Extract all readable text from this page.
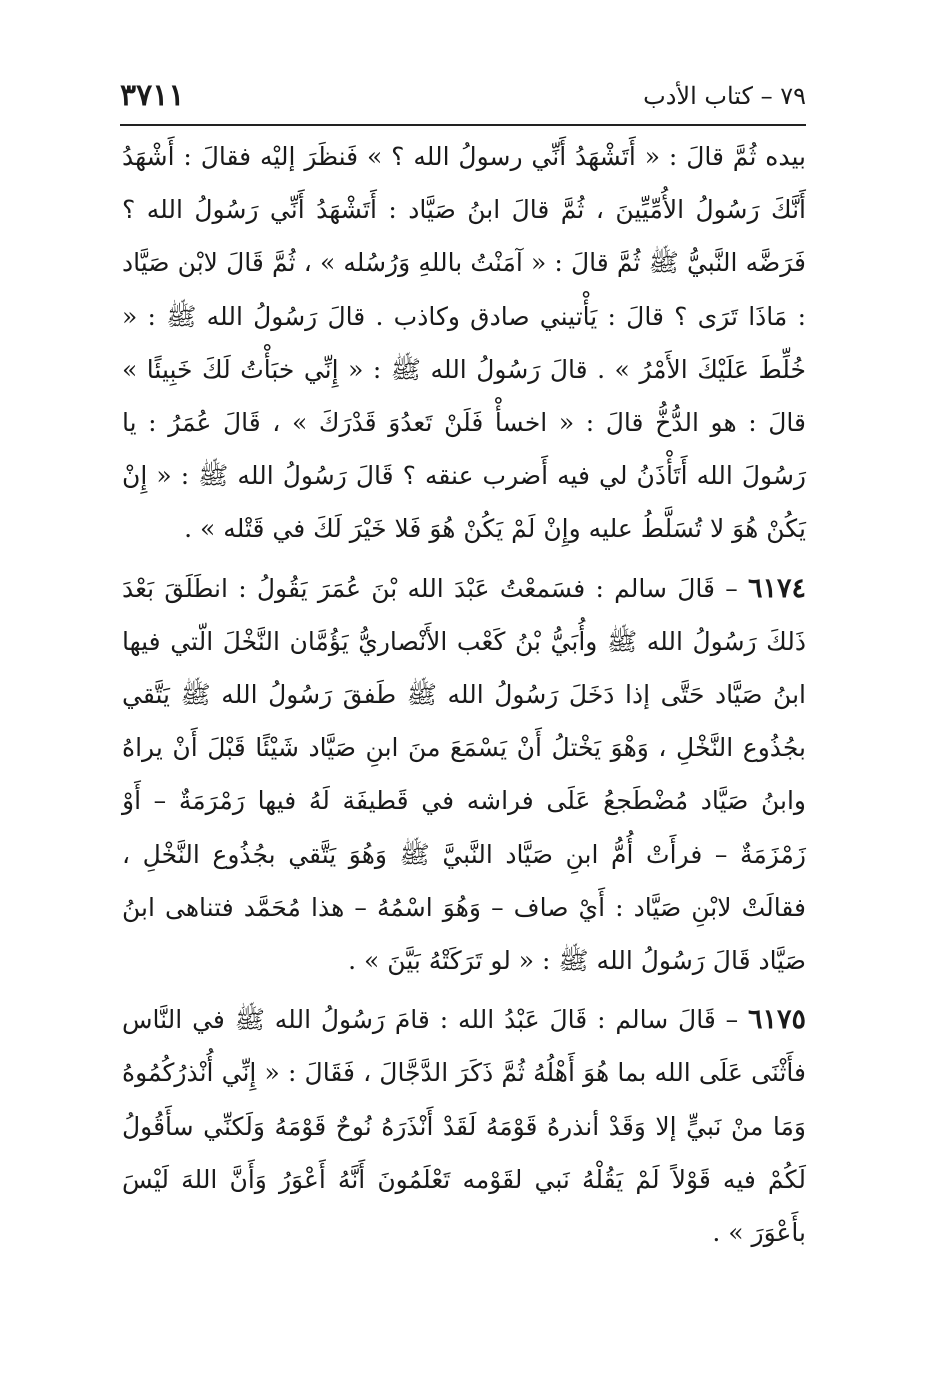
٣٧١١	٧٩ – كتاب الأدب

بيده ثُمَّ قالَ : « أَتَشْهَدُ أَنِّي رسولُ الله ؟ » فَنظَرَ إليْه فقالَ : أَشْهَدُ أَنَّكَ رَسُولُ الأُمِّيِّينَ ، ثُمَّ قالَ ابنُ صَيَّاد : أَتَشْهَدُ أَنِّي رَسُولُ الله ؟ فَرَضَّه النَّبيُّ ﷺ ثُمَّ قالَ : « آمَنْتُ باللهِ وَرُسُله » ، ثُمَّ قَالَ لابْن صَيَّاد : مَاذَا تَرَى ؟ قالَ : يَأْتيني صادق وكاذب . قالَ رَسُولُ الله ﷺ : « خُلِّطَ عَلَيْكَ الأَمْرُ » . قالَ رَسُولُ الله ﷺ : « إِنِّي خبَأْتُ لَكَ خَبِيئًا » قالَ : هو الدُّخُّ قالَ : « اخسأْ فَلَنْ تَعدُوَ قَدْرَكَ » ، قَالَ عُمَرُ : يا رَسُولَ الله أَتَأْذَنُ لي فيه أَضرب عنقه ؟ قَالَ رَسُولُ الله ﷺ : « إِنْ يَكُنْ هُوَ لا تُسَلَّطُ عليه وإِنْ لَمْ يَكُنْ هُوَ فَلا خَيْرَ لَكَ في قَتْله » .

٦١٧٤ – قَالَ سالم : فسَمعْتُ عَبْدَ الله بْنَ عُمَرَ يَقُولُ : انطَلَقَ بَعْدَ ذَلكَ رَسُولُ الله ﷺ وأُبَيُّ بْنُ كَعْب الأَنْصاريُّ يَؤُمَّان النَّخْلَ الّتي فيها ابنُ صَيَّاد حَتَّى إذا دَخَلَ رَسُولُ الله ﷺ طَفقَ رَسُولُ الله ﷺ يَتَّقي بجُذُوع النَّخْلِ ، وَهْوَ يَخْتلُ أَنْ يَسْمَعَ منَ ابنِ صَيَّاد شَيْئًا قَبْلَ أَنْ يراهُ وابنُ صَيَّاد مُضْطَجعُ عَلَى فراشه في قَطيفَة لَهُ فيها رَمْرَمَةٌ – أَوْ زَمْزَمَةٌ – فرأَتْ أُمُّ ابنِ صَيَّاد النَّبيَّ ﷺ وَهُوَ يَتَّقي بجُذُوع النَّخْلِ ، فقالَتْ لابْنِ صَيَّاد : أَيْ صاف – وَهُوَ اسْمُهُ – هذا مُحَمَّد فتناهى ابنُ صَيَّاد قَالَ رَسُولُ الله ﷺ : « لو تَرَكَتْهُ بَيَّنَ » .

٦١٧٥ – قَالَ سالم : قَالَ عَبْدُ الله : قامَ رَسُولُ الله ﷺ في النَّاس فأَثْنَى عَلَى الله بما هُوَ أَهْلُهُ ثُمَّ ذَكَرَ الدَّجَّالَ ، فَقَالَ : « إِنِّي أُنْذرُكُمُوهُ وَمَا منْ نَبيٍّ إلا وَقَدْ أنذرهُ قَوْمَهُ لَقَدْ أَنْذَرَهُ نُوحٌ قَوْمَهُ وَلَكنِّي سأَقُولُ لَكُمْ فيه قَوْلاً لَمْ يَقُلْهُ نَبي لقَوْمه تَعْلَمُونَ أَنَّهُ أَعْوَرُ وَأَنَّ اللهَ لَيْسَ بأَعْوَرَ » .
